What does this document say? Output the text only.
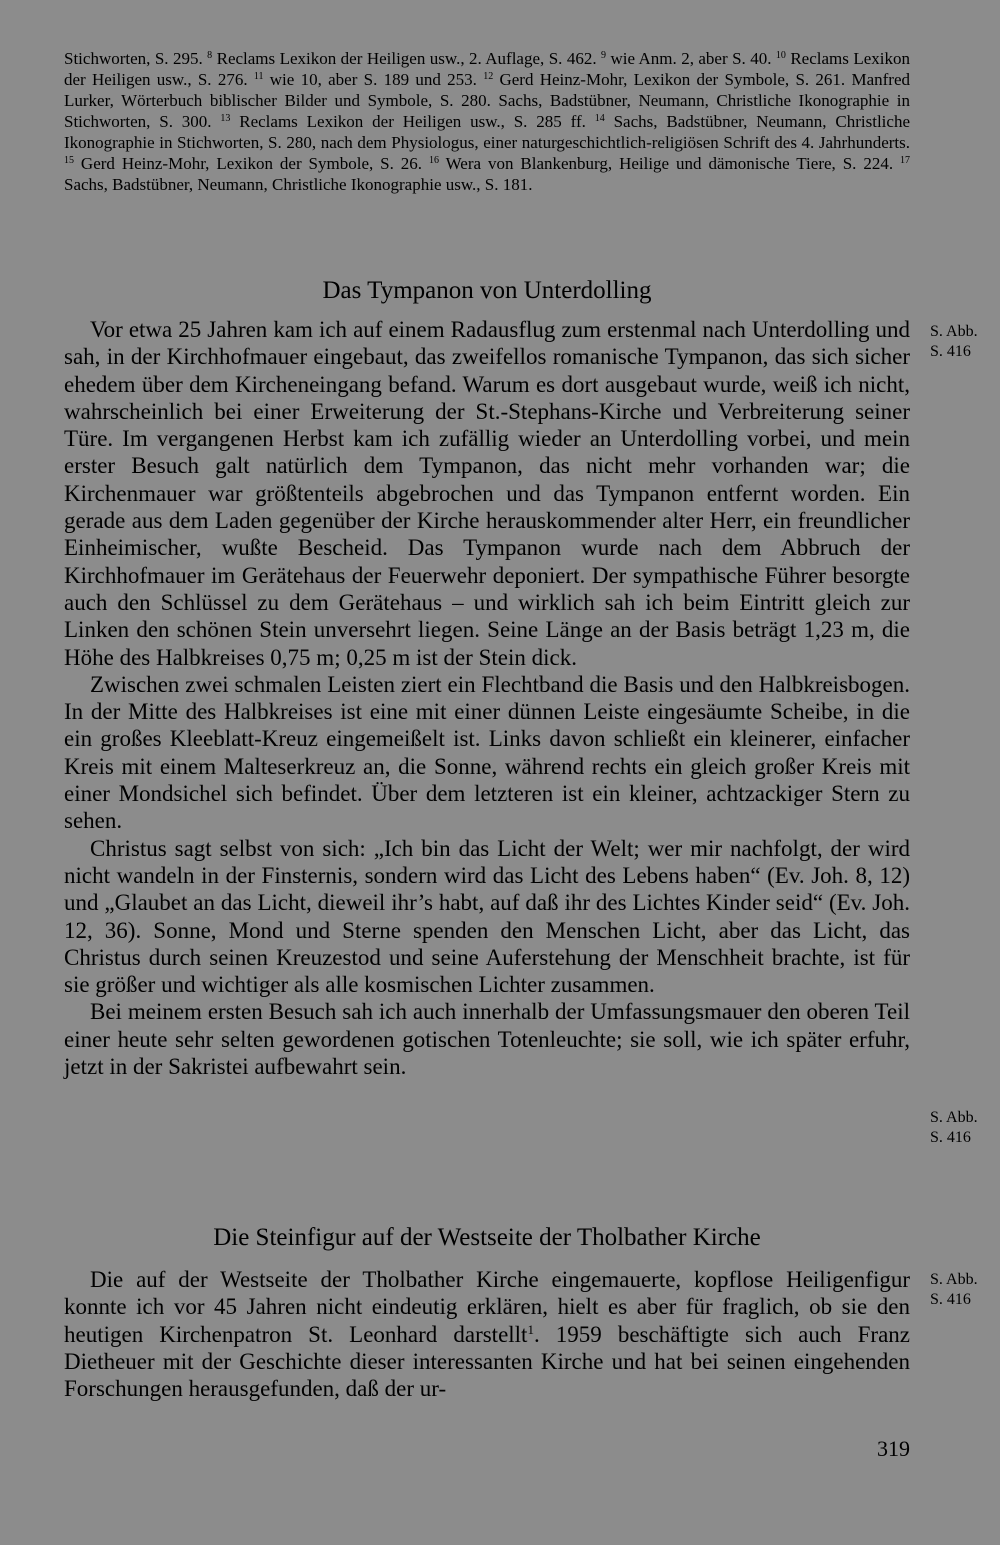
Stichworten, S. 295. $^8$ Reclams Lexikon der Heiligen usw., 2. Auflage, S. 462. $^9$ wie Anm. 2, aber S. 40. $^{10}$ Reclams Lexikon der Heiligen usw., S. 276. $^{11}$ wie 10, aber S. 189 und 253. $^{12}$ Gerd Heinz-Mohr, Lexikon der Symbole, S. 261. Manfred Lurker, Wörterbuch biblischer Bilder und Symbole, S. 280. Sachs, Badstübner, Neumann, Christliche Ikonographie in Stichworten, S. 300. $^{13}$ Reclams Lexikon der Heiligen usw., S. 285 ff. $^{14}$ Sachs, Badstübner, Neumann, Christliche Ikonographie in Stichworten, S. 280, nach dem Physiologus, einer naturgeschichtlich-religiösen Schrift des 4. Jahrhunderts. $^{15}$ Gerd Heinz-Mohr, Lexikon der Symbole, S. 26. $^{16}$ Wera von Blankenburg, Heilige und dämonische Tiere, S. 224. $^{17}$ Sachs, Badstübner, Neumann, Christliche Ikonographie usw., S. 181.
Das Tympanon von Unterdolling

Vor etwa 25 Jahren kam ich auf einem Radausflug zum erstenmal nach Unterdolling und sah, in der Kirchhofmauer eingebaut, das zweifellos romanische Tympanon, das sich sicher ehedem über dem Kircheneingang befand. Warum es dort ausgebaut wurde, weiß ich nicht, wahrscheinlich bei einer Erweiterung der St.-Stephans-Kirche und Verbreiterung seiner Türe. Im vergangenen Herbst kam ich zufällig wieder an Unterdolling vorbei, und mein erster Besuch galt natürlich dem Tympanon, das nicht mehr vorhanden war; die Kirchenmauer war größtenteils abgebrochen und das Tympanon entfernt worden. Ein gerade aus dem Laden gegenüber der Kirche herauskommender alter Herr, ein freundlicher Einheimischer, wußte Bescheid. Das Tympanon wurde nach dem Abbruch der Kirchhofmauer im Gerätehaus der Feuerwehr deponiert. Der sympathische Führer besorgte auch den Schlüssel zu dem Gerätehaus – und wirklich sah ich beim Eintritt gleich zur Linken den schönen Stein unversehrt liegen. Seine Länge an der Basis beträgt 1,23 m, die Höhe des Halbkreises 0,75 m; 0,25 m ist der Stein dick.

Zwischen zwei schmalen Leisten ziert ein Flechtband die Basis und den Halbkreisbogen. In der Mitte des Halbkreises ist eine mit einer dünnen Leiste eingesäumte Scheibe, in die ein großes Kleeblatt-Kreuz eingemeißelt ist. Links davon schließt ein kleinerer, einfacher Kreis mit einem Malteserkreuz an, die Sonne, während rechts ein gleich großer Kreis mit einer Mondsichel sich befindet. Über dem letzteren ist ein kleiner, achtzackiger Stern zu sehen.

Christus sagt selbst von sich: „Ich bin das Licht der Welt; wer mir nachfolgt, der wird nicht wandeln in der Finsternis, sondern wird das Licht des Lebens haben“ (Ev. Joh. 8, 12) und „Glaubet an das Licht, dieweil ihr’s habt, auf daß ihr des Lichtes Kinder seid“ (Ev. Joh. 12, 36). Sonne, Mond und Sterne spenden den Menschen Licht, aber das Licht, das Christus durch seinen Kreuzestod und seine Auferstehung der Menschheit brachte, ist für sie größer und wichtiger als alle kosmischen Lichter zusammen.

Bei meinem ersten Besuch sah ich auch innerhalb der Umfassungsmauer den oberen Teil einer heute sehr selten gewordenen gotischen Totenleuchte; sie soll, wie ich später erfuhr, jetzt in der Sakristei aufbewahrt sein.

Die Steinfigur auf der Westseite der Tholbather Kirche

Die auf der Westseite der Tholbather Kirche eingemauerte, kopflose Heiligenfigur konnte ich vor 45 Jahren nicht eindeutig erklären, hielt es aber für fraglich, ob sie den heutigen Kirchenpatron St. Leonhard darstellt$^1$. 1959 beschäftigte sich auch Franz Dietheuer mit der Geschichte dieser interessanten Kirche und hat bei seinen eingehenden Forschungen herausgefunden, daß der ur-

S. Abb.
S. 416
S. Abb.
S. 416
S. Abb.
S. 416
319
